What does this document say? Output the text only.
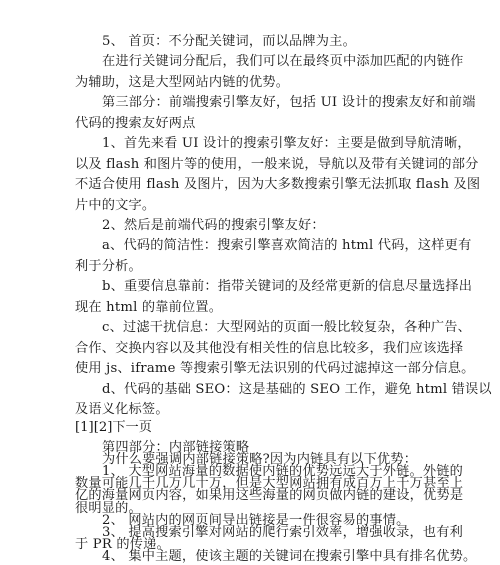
5、 首页：不分配关键词，而以品牌为主。
在进行关键词分配后，我们可以在最终页中添加匹配的内链作
为辅助，这是大型网站内链的优势。
第三部分：前端搜索引擎友好，包括 UI 设计的搜索友好和前端
代码的搜索友好两点
1、首先来看 UI 设计的搜索引擎友好：主要是做到导航清晰，
以及 flash 和图片等的使用，一般来说，导航以及带有关键词的部分
不适合使用 flash 及图片，因为大多数搜索引擎无法抓取 flash 及图
片中的文字。
2、然后是前端代码的搜索引擎友好：
a、代码的简洁性：搜索引擎喜欢简洁的 html 代码，这样更有
利于分析。
b、重要信息靠前：指带关键词的及经常更新的信息尽量选择出
现在 html 的靠前位置。
c、过滤干扰信息：大型网站的页面一般比较复杂，各种广告、
合作、交换内容以及其他没有相关性的信息比较多，我们应该选择
使用 js、iframe 等搜索引擎无法识别的代码过滤掉这一部分信息。
d、代码的基础 SEO：这是基础的 SEO 工作，避免 html 错误以
及语义化标签。
[1][2]下一页
第四部分：内部链接策略
为什么要强调内部链接策略?因为内链具有以下优势：
1、 大型网站海量的数据使内链的优势远远大于外链。外链的
数量可能几千几万几十万，但是大型网站拥有成百万上千万甚至上
亿的海量网页内容，如果用这些海量的网页做内链的建设，优势是
很明显的。
2、 网站内的网页间导出链接是一件很容易的事情。
3、 提高搜索引擎对网站的爬行索引效率，增强收录，也有利
于 PR 的传递。
4、 集中主题，使该主题的关键词在搜索引擎中具有排名优势。
